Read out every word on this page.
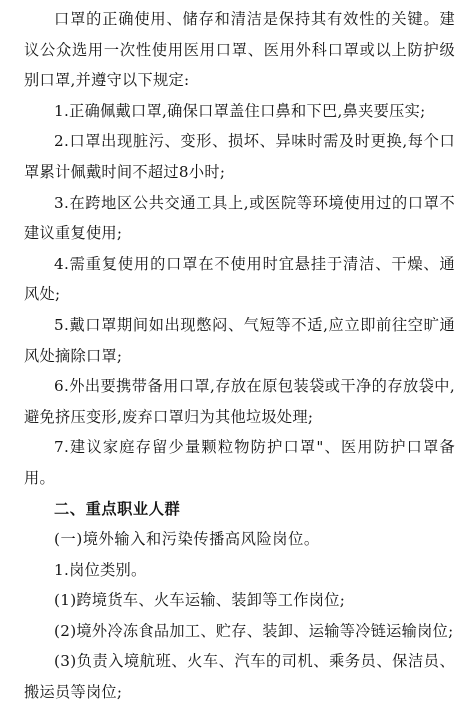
口罩的正确使用、储存和清洁是保持其有效性的关键。建议公众选用一次性使用医用口罩、医用外科口罩或以上防护级别口罩,并遵守以下规定:

1.正确佩戴口罩,确保口罩盖住口鼻和下巴,鼻夹要压实;

2.口罩出现脏污、变形、损坏、异味时需及时更换,每个口罩累计佩戴时间不超过8小时;

3.在跨地区公共交通工具上,或医院等环境使用过的口罩不建议重复使用;

4.需重复使用的口罩在不使用时宜悬挂于清洁、干燥、通风处;

5.戴口罩期间如出现憋闷、气短等不适,应立即前往空旷通风处摘除口罩;

6.外出要携带备用口罩,存放在原包装袋或干净的存放袋中,避免挤压变形,废弃口罩归为其他垃圾处理;

7.建议家庭存留少量颗粒物防护口罩"、医用防护口罩备用。

二、重点职业人群

(一)境外输入和污染传播高风险岗位。

1.岗位类别。

(1)跨境货车、火车运输、装卸等工作岗位;

(2)境外冷冻食品加工、贮存、装卸、运输等冷链运输岗位;

(3)负责入境航班、火车、汽车的司机、乘务员、保洁员、搬运员等岗位;
